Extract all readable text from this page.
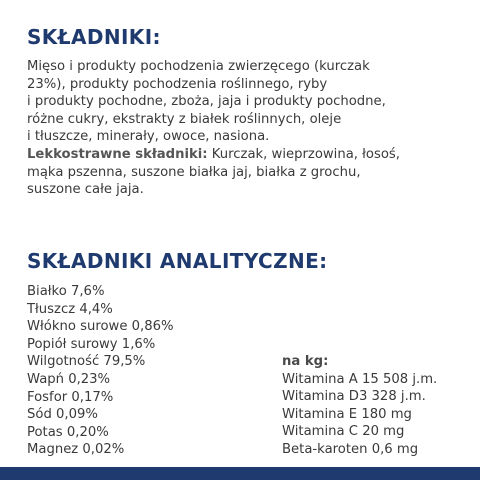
SKŁADNIKI:

Mięso i produkty pochodzenia zwierzęcego (kurczak
23%), produkty pochodzenia roślinnego, ryby
i produkty pochodne, zboża, jaja i produkty pochodne,
różne cukry, ekstrakty z białek roślinnych, oleje
i tłuszcze, minerały, owoce, nasiona.
Lekkostrawne składniki: Kurczak, wieprzowina, łosoś,
mąka pszenna, suszone białka jaj, białka z grochu,
suszone całe jaja.

SKŁADNIKI ANALITYCZNE:
Białko 7,6%
Tłuszcz 4,4%
Włókno surowe 0,86%
Popiół surowy 1,6%
Wilgotność 79,5%
Wapń 0,23%
Fosfor 0,17%
Sód 0,09%
Potas 0,20%
Magnez 0,02%
na kg:
Witamina A 15 508 j.m.
Witamina D3 328 j.m.
Witamina E 180 mg
Witamina C 20 mg
Beta-karoten 0,6 mg
